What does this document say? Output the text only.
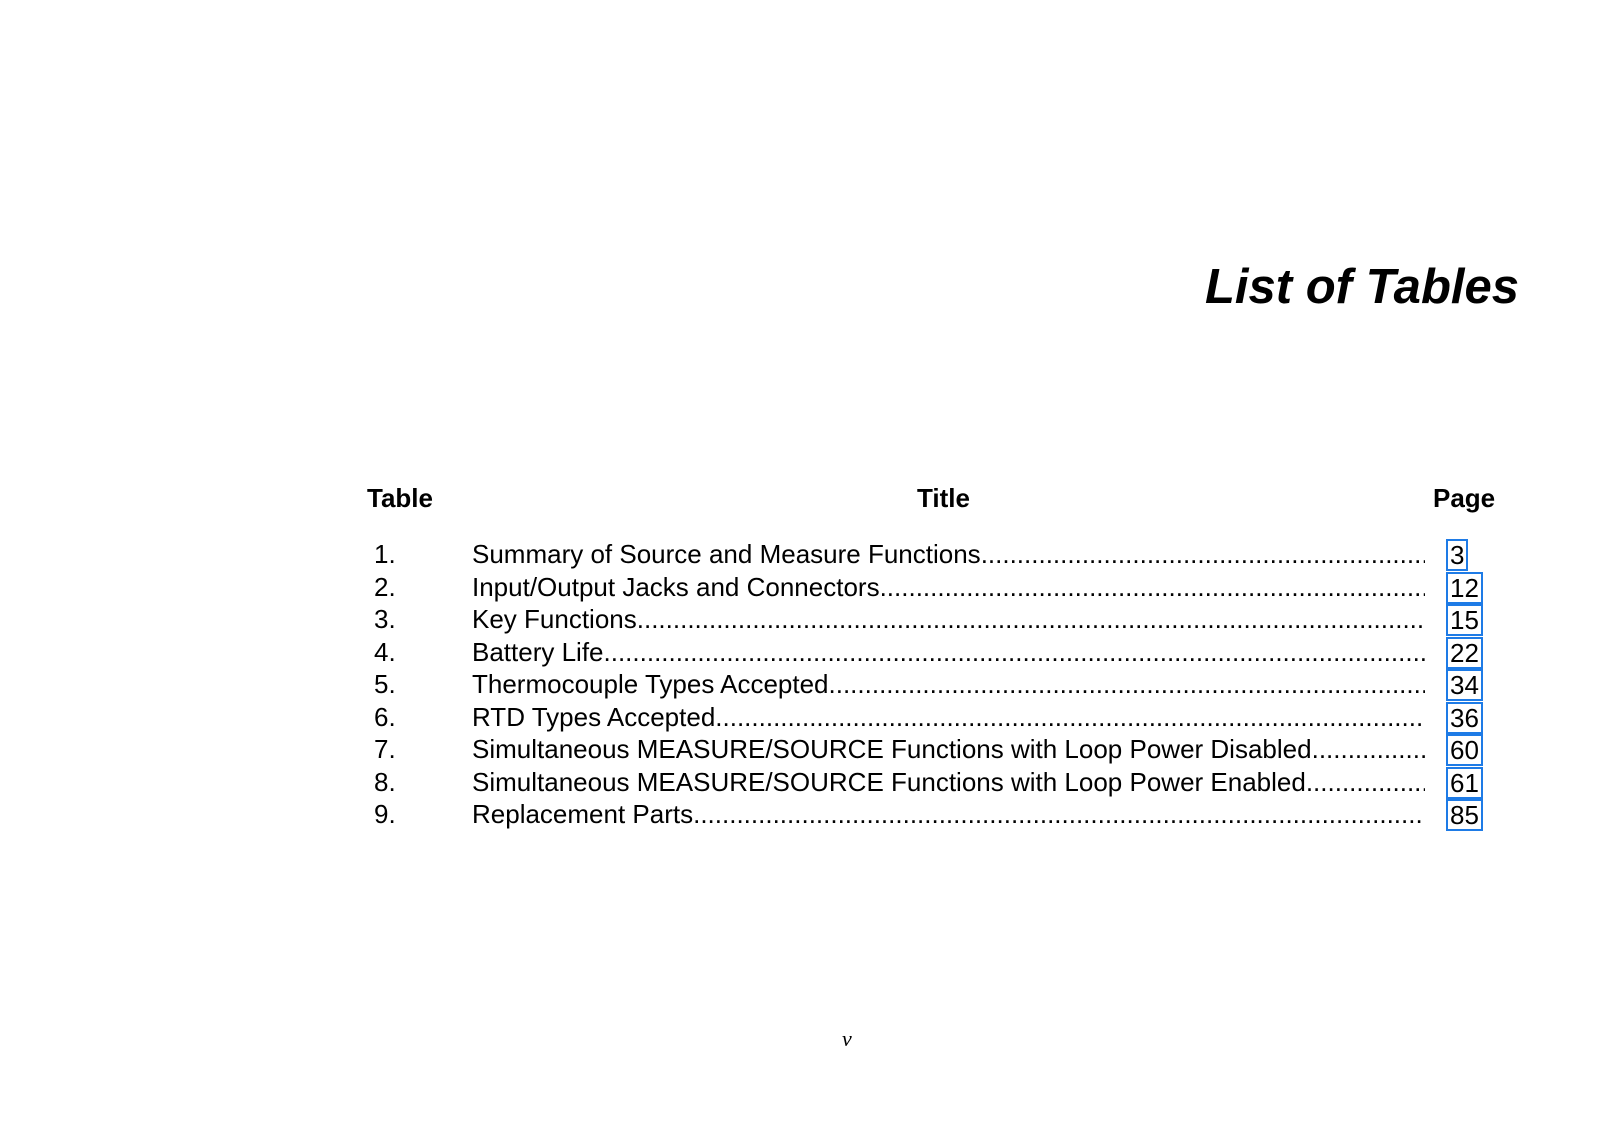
List of Tables
Table	Title	Page
1.	Summary of Source and Measure Functions .....	3
2.	Input/Output Jacks and Connectors .....	12
3.	Key Functions .....	15
4.	Battery Life .....	22
5.	Thermocouple Types Accepted .....	34
6.	RTD Types Accepted .....	36
7.	Simultaneous MEASURE/SOURCE Functions with Loop Power Disabled .....	60
8.	Simultaneous MEASURE/SOURCE Functions with Loop Power Enabled .....	61
9.	Replacement Parts .....	85
v
